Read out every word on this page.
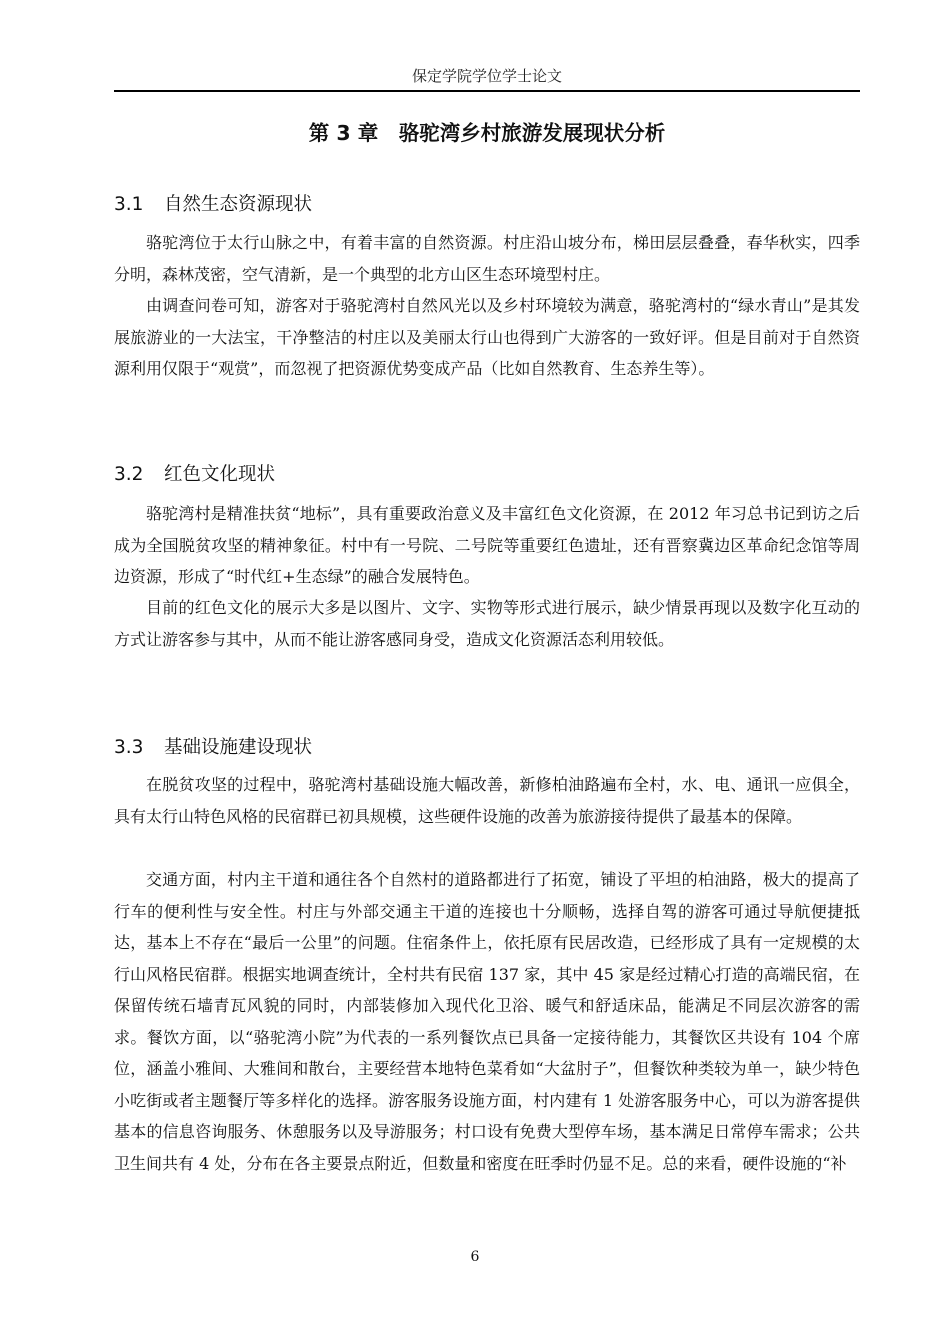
保定学院学位学士论文
第 3 章　骆驼湾乡村旅游发展现状分析
3.1 自然生态资源现状

骆驼湾位于太行山脉之中，有着丰富的自然资源。村庄沿山坡分布，梯田层层叠叠，春华秋实，四季分明，森林茂密，空气清新，是一个典型的北方山区生态环境型村庄。

由调查问卷可知，游客对于骆驼湾村自然风光以及乡村环境较为满意，骆驼湾村的“绿水青山”是其发展旅游业的一大法宝，干净整洁的村庄以及美丽太行山也得到广大游客的一致好评。但是目前对于自然资源利用仅限于“观赏”，而忽视了把资源优势变成产品（比如自然教育、生态养生等）。

3.2 红色文化现状

骆驼湾村是精准扶贫“地标”，具有重要政治意义及丰富红色文化资源，在 2012 年习总书记到访之后成为全国脱贫攻坚的精神象征。村中有一号院、二号院等重要红色遗址，还有晋察冀边区革命纪念馆等周边资源，形成了“时代红+生态绿”的融合发展特色。

目前的红色文化的展示大多是以图片、文字、实物等形式进行展示，缺少情景再现以及数字化互动的方式让游客参与其中，从而不能让游客感同身受，造成文化资源活态利用较低。

3.3 基础设施建设现状

在脱贫攻坚的过程中，骆驼湾村基础设施大幅改善，新修柏油路遍布全村，水、电、通讯一应俱全，具有太行山特色风格的民宿群已初具规模，这些硬件设施的改善为旅游接待提供了最基本的保障。

交通方面，村内主干道和通往各个自然村的道路都进行了拓宽，铺设了平坦的柏油路，极大的提高了行车的便利性与安全性。村庄与外部交通主干道的连接也十分顺畅，选择自驾的游客可通过导航便捷抵达，基本上不存在“最后一公里”的问题。住宿条件上，依托原有民居改造，已经形成了具有一定规模的太行山风格民宿群。根据实地调查统计，全村共有民宿 137 家，其中 45 家是经过精心打造的高端民宿，在保留传统石墙青瓦风貌的同时，内部装修加入现代化卫浴、暖气和舒适床品，能满足不同层次游客的需求。餐饮方面，以“骆驼湾小院”为代表的一系列餐饮点已具备一定接待能力，其餐饮区共设有 104 个席位，涵盖小雅间、大雅间和散台，主要经营本地特色菜肴如“大盆肘子”，但餐饮种类较为单一，缺少特色小吃街或者主题餐厅等多样化的选择。游客服务设施方面，村内建有 1 处游客服务中心，可以为游客提供基本的信息咨询服务、休憩服务以及导游服务；村口设有免费大型停车场，基本满足日常停车需求；公共卫生间共有 4 处，分布在各主要景点附近，但数量和密度在旺季时仍显不足。总的来看，硬件设施的“补

6
